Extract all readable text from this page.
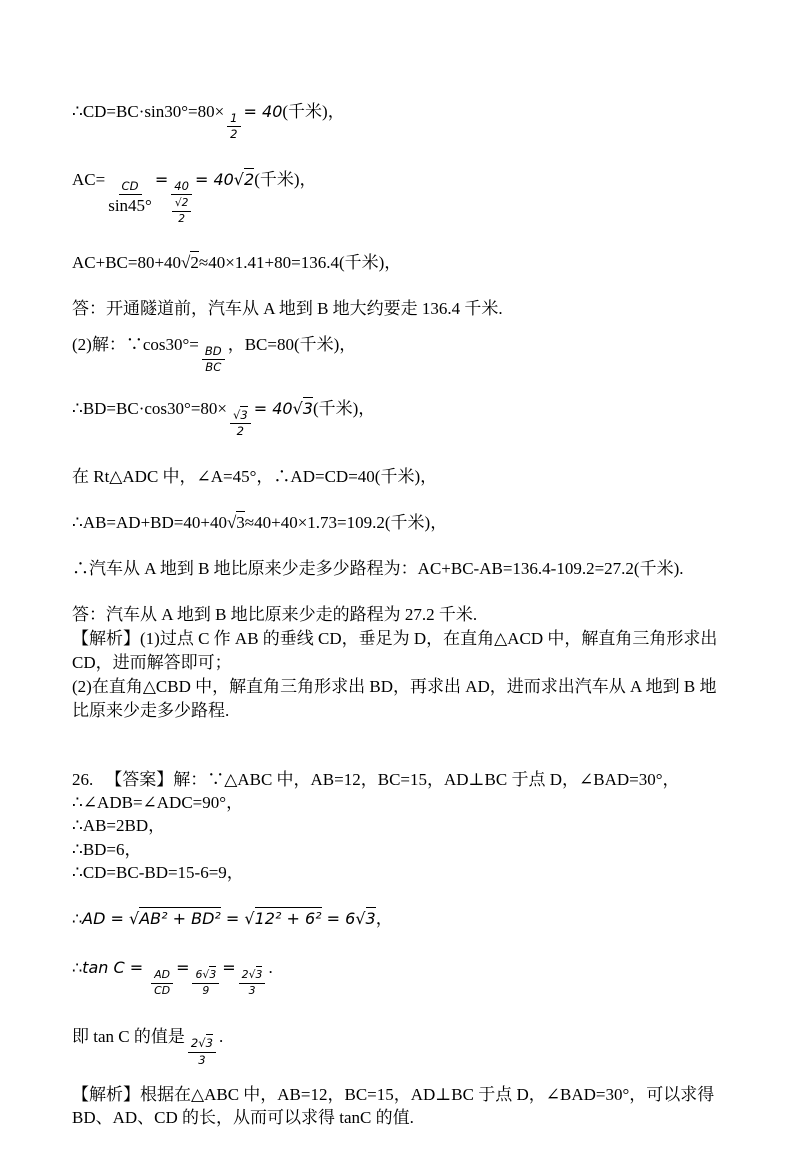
∴CD=BC·sin30°=80×
$\frac{1}{2}$
= 40(千米)，

AC=
$\frac{CD}{\sin 45^\circ}$
=
$\frac{40}{\frac{√2}{2}}$
= 40√2(千米)，

AC+BC=80+40√2≈40×1.41+80=136.4(千米)，

答：开通隧道前，汽车从 A 地到 B 地大约要走 136.4 千米.

(2)解：∵cos30°=
$\frac{BD}{BC}$
，BC=80(千米)，

∴BD=BC·cos30°=80×
$\frac{√3}{2}$
= 40√3(千米)，

在 Rt△ADC 中，∠A=45°，∴AD=CD=40(千米)，

∴AB=AD+BD=40+40√3≈40+40×1.73=109.2(千米)，

∴汽车从 A 地到 B 地比原来少走多少路程为：AC+BC-AB=136.4-109.2=27.2(千米).

答：汽车从 A 地到 B 地比原来少走的路程为 27.2 千米.

【解析】(1)过点 C 作 AB 的垂线 CD，垂足为 D，在直角△ACD 中，解直角三角形求出 CD，进而解答即可；

(2)在直角△CBD 中，解直角三角形求出 BD，再求出 AD，进而求出汽车从 A 地到 B 地比原来少走多少路程.

26. 【答案】解：∵△ABC 中，AB=12，BC=15，AD⊥BC 于点 D，∠BAD=30°，

∴∠ADB=∠ADC=90°，

∴AB=2BD，

∴BD=6，

∴CD=BC-BD=15-6=9，

∴AD = √AB² + BD² = √12² + 6² = 6√3，

∴tan C =
$\frac{AD}{CD}$
=
$\frac{6√3}{9}$
=
$\frac{2√3}{3}$
.

即 tan C 的值是
$\frac{2√3}{3}$
.

【解析】根据在△ABC 中，AB=12，BC=15，AD⊥BC 于点 D，∠BAD=30°，可以求得 BD、AD、CD 的长，从而可以求得 tanC 的值.
